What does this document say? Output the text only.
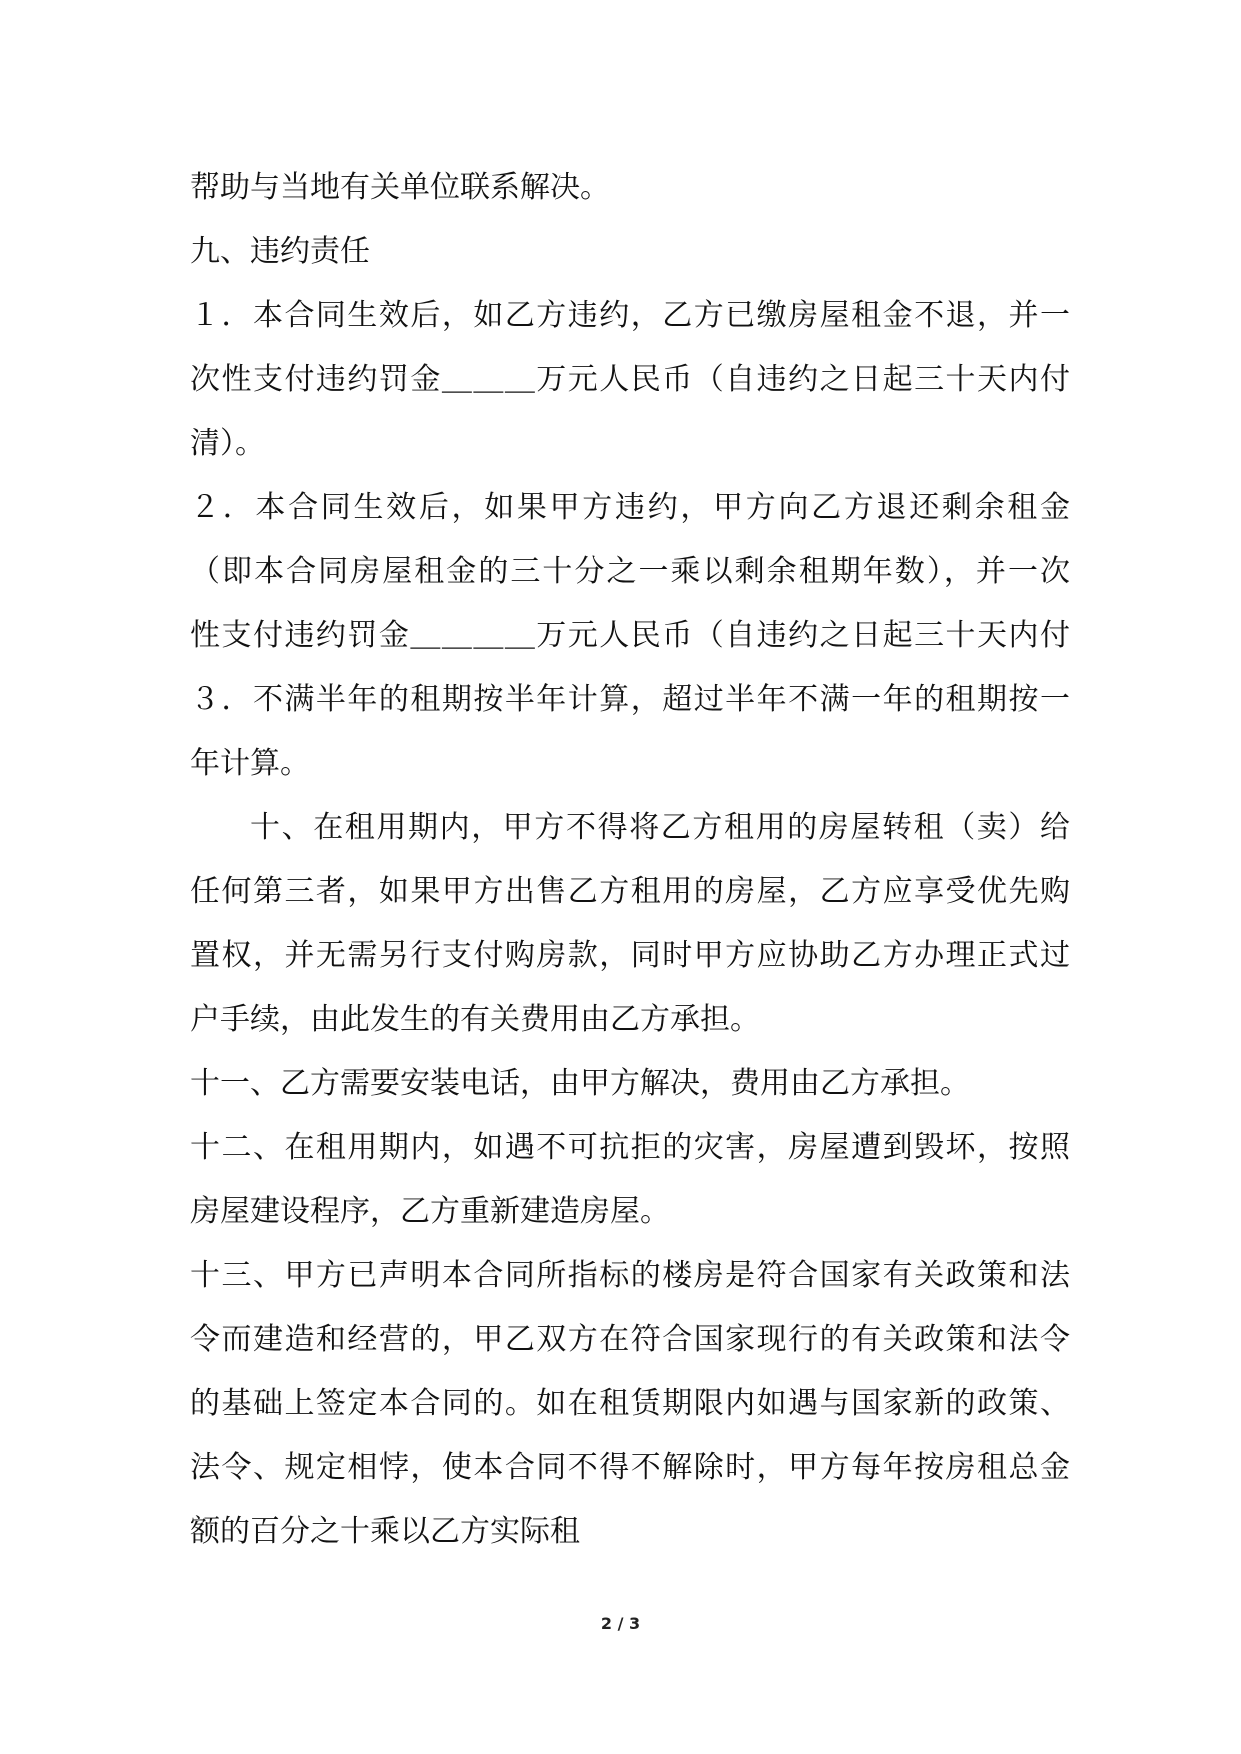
帮助与当地有关单位联系解决。

九、违约责任

１．本合同生效后，如乙方违约，乙方已缴房屋租金不退，并一

次性支付违约罚金＿＿＿万元人民币（自违约之日起三十天内付

清）。

２．本合同生效后，如果甲方违约，甲方向乙方退还剩余租金

（即本合同房屋租金的三十分之一乘以剩余租期年数），并一次

性支付违约罚金＿＿＿＿万元人民币（自违约之日起三十天内付

３．不满半年的租期按半年计算，超过半年不满一年的租期按一

年计算。

十、在租用期内，甲方不得将乙方租用的房屋转租（卖）给

任何第三者，如果甲方出售乙方租用的房屋，乙方应享受优先购

置权，并无需另行支付购房款，同时甲方应协助乙方办理正式过

户手续，由此发生的有关费用由乙方承担。

十一、乙方需要安装电话，由甲方解决，费用由乙方承担。

十二、在租用期内，如遇不可抗拒的灾害，房屋遭到毁坏，按照

房屋建设程序，乙方重新建造房屋。

十三、甲方已声明本合同所指标的楼房是符合国家有关政策和法

令而建造和经营的，甲乙双方在符合国家现行的有关政策和法令

的基础上签定本合同的。如在租赁期限内如遇与国家新的政策、

法令、规定相悖，使本合同不得不解除时，甲方每年按房租总金

额的百分之十乘以乙方实际租

2 / 3
